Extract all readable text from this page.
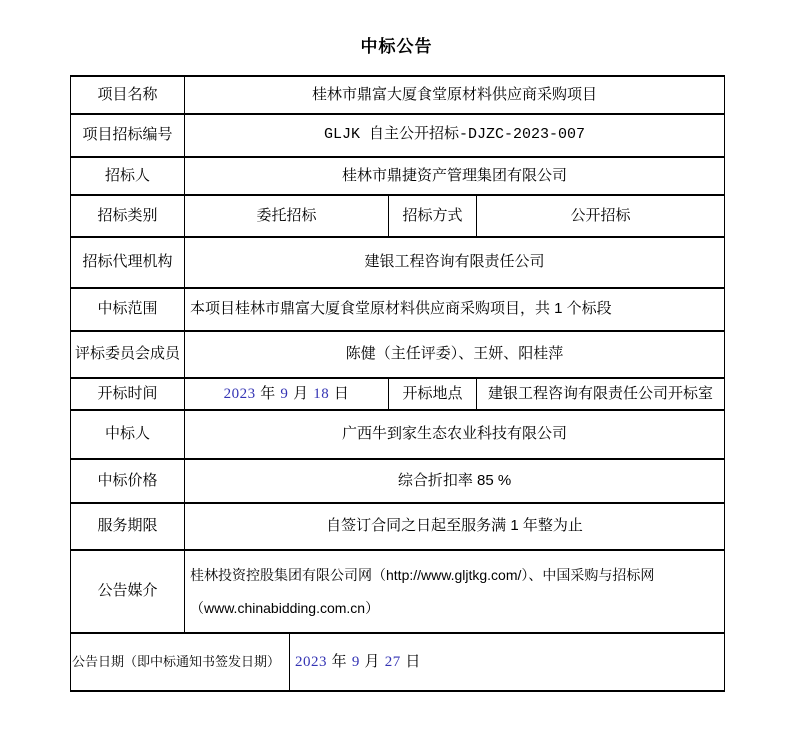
中标公告
项目名称	桂林市鼎富大厦食堂原材料供应商采购项目			
项目招标编号	GLJK 自主公开招标-DJZC-2023-007			
招标人	桂林市鼎捷资产管理集团有限公司			
招标类别	委托招标		招标方式	公开招标
招标代理机构	建银工程咨询有限责任公司			
中标范围	本项目桂林市鼎富大厦食堂原材料供应商采购项目，共 1 个标段			
评标委员会成员	陈健（主任评委）、王妍、阳桂萍			
开标时间	2023 年 9 月 18 日		开标地点	建银工程咨询有限责任公司开标室
中标人	广西牛到家生态农业科技有限公司			
中标价格	综合折扣率 85 %			
服务期限	自签订合同之日起至服务满 1 年整为止			
公告媒介	桂林投资控股集团有限公司网（http://www.gljtkg.com/）、中国采购与招标网
（www.chinabidding.com.cn）			

公告日期（即中标通知书签发日期）		2023 年 9 月 27 日		
